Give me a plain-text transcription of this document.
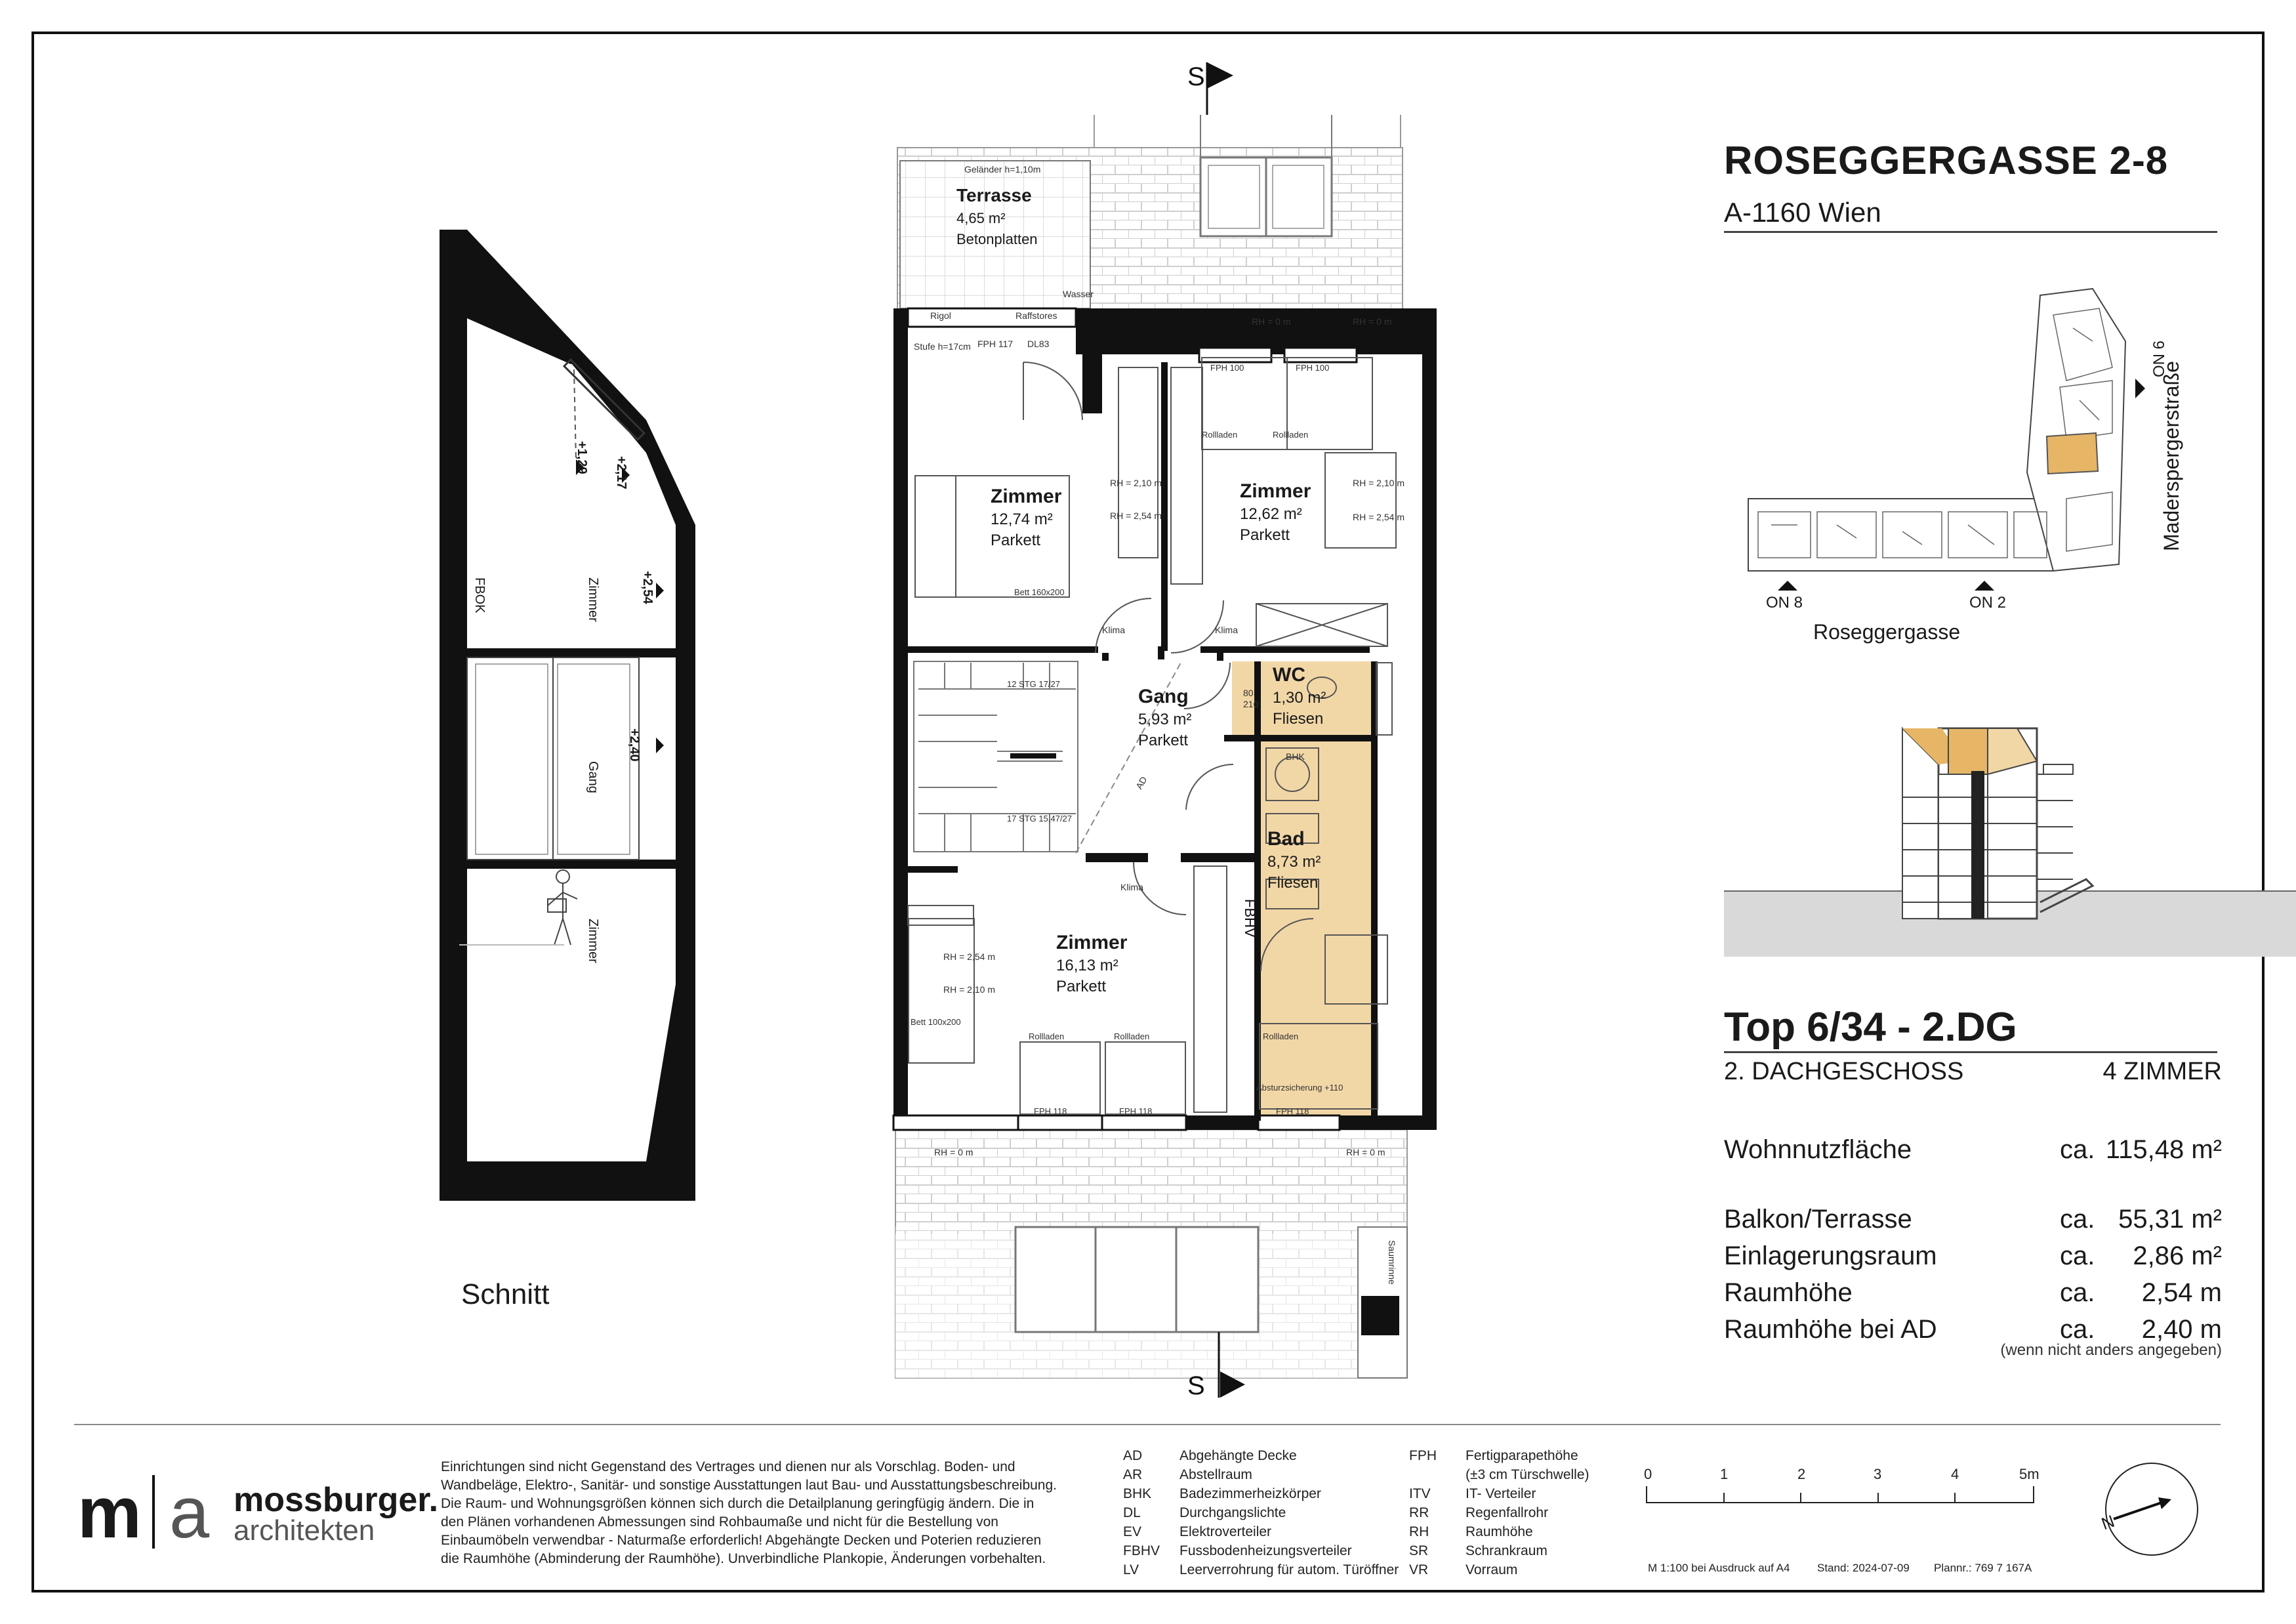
S
S
ROSEGGERGASSE 2-8
A-1160 Wien
ON 8	ON 2
ON 6
Roseggergasse
Maderspergerstraße
Top 6/34 - 2.DG
2. DACHGESCHOSS	4 ZIMMER
Wohnnutzfläche	ca. 115,48 m²
Balkon/Terrasse	ca. 55,31 m²
Einlagerungsraum	ca. 2,86 m²
Raumhöhe	ca. 2,54 m
Raumhöhe bei AD	ca. 2,40 m
(wenn nicht anders angegeben)
Schnitt
FBOK	Zimmer
Gang
Zimmer
+2,54
+2,40
+1,29 +2,17
Terrasse
4,65 m²
Betonplatten
Zimmer
12,74 m²
Parkett
Zimmer
12,62 m²
Parkett
Gang
5,93 m²
Parkett
WC
1,30 m²
Fliesen
Bad
8,73 m²
Fliesen
Zimmer
16,13 m²
Parkett
Geländer h=1,10m
Wasser
Rigol	Raffstores
Stufe h=17cm FPH 117 DL83
RH = 0 m	RH = 0 m
RH = 0 m	RH = 0 m
RH = 2,10 m
RH = 2,54 m
RH = 2,10 m
RH = 2,54 m
RH = 2,54 m
RH = 2,10 m
Bett 160x200
Bett 100x200
Klima	Klima
Klima
Rollladen
Rollladen	Rollladen	Rollladen
Rollladen
FPH 118	FPH 118	FPH 118
FPH 100	FPH 100
BHK
FBHV
AD
12 STG 17/27
17 STG 15,47/27
Absturzsicherung +110
80
210
Saumrinne
m a mossburger.
architekten
Einrichtungen sind nicht Gegenstand des Vertrages und dienen nur als Vorschlag. Boden- und Wandbeläge, Elektro-, Sanitär- und sonstige Ausstattungen laut Bau- und Ausstattungsbeschreibung. Die Raum- und Wohnungsgrößen können sich durch die Detailplanung geringfügig ändern. Die in den Plänen vorhandenen Abmessungen sind Rohbaumaße und nicht für die Bestellung von Einbaumöbeln verwendbar - Naturmaße erforderlich! Abgehängte Decken und Poterien reduzieren die Raumhöhe (Abminderung der Raumhöhe). Unverbindliche Plankopie, Änderungen vorbehalten.
AD	Abgehängte Decke
AR	Abstellraum
BHK Badezimmerheizkörper
DL	Durchgangslichte
EV	Elektroverteiler
FBHV Fussbodenheizungsverteiler
LV	Leerverrohrung für autom. Türöffner
FPH Fertigparapethöhe
(±3 cm Türschwelle)
ITV	IT- Verteiler
RR	Regenfallrohr
RH	Raumhöhe
SR	Schrankraum
VR	Vorraum
0	1	2	3	4	5m
M 1:100 bei Ausdruck auf A4 Stand: 2024-07-09 Plannr.: 769 7 167A
N
